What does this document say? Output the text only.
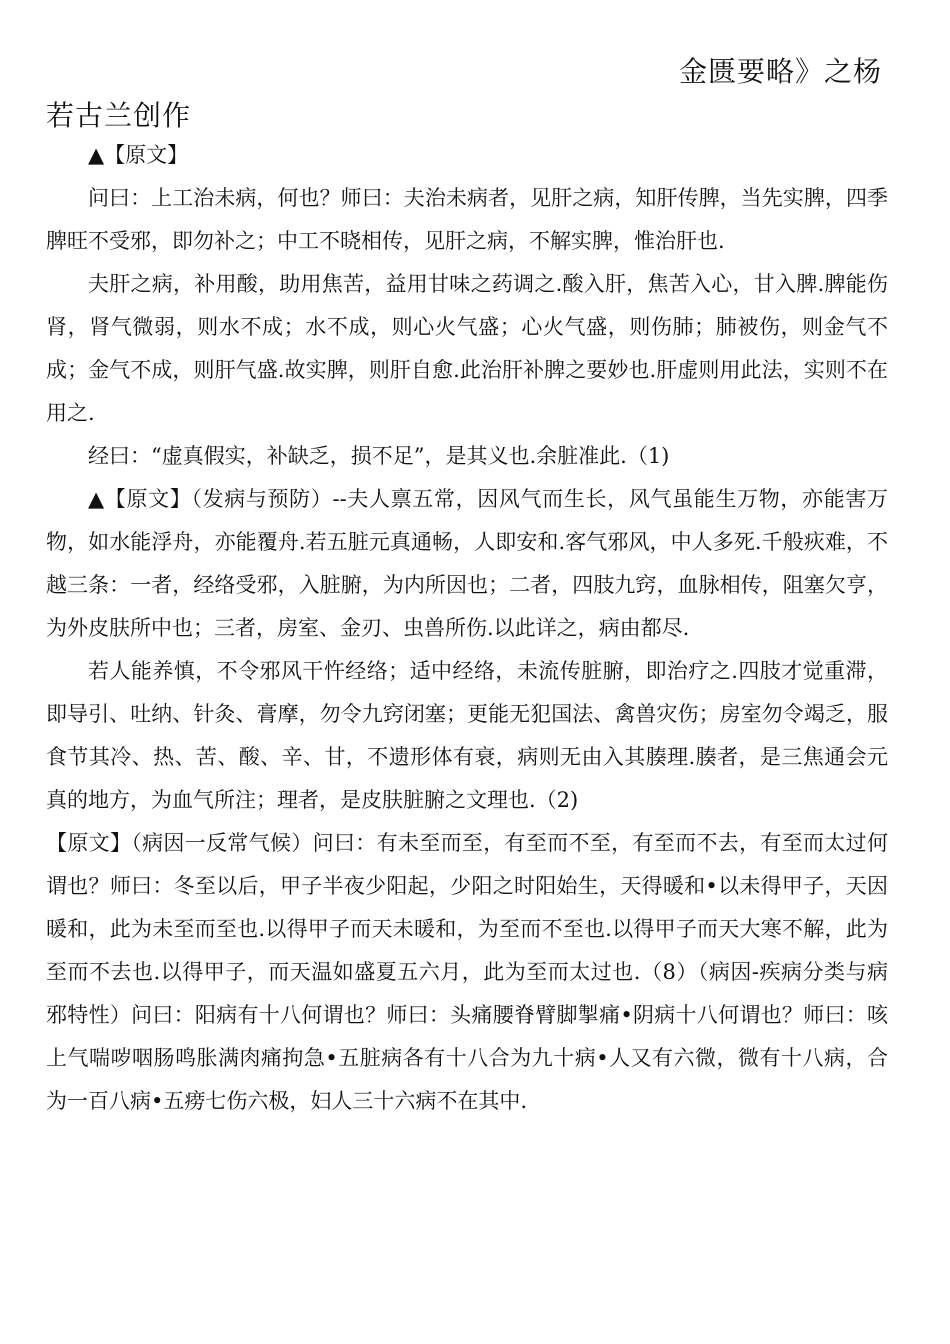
金匮要略》之杨
若古兰创作

▲【原文】

问曰：上工治未病，何也？师曰：夫治未病者，见肝之病，知肝传脾，当先实脾，四季脾旺不受邪，即勿补之；中工不晓相传，见肝之病，不解实脾，惟治肝也.

夫肝之病，补用酸，助用焦苦，益用甘味之药调之.酸入肝，焦苦入心，甘入脾.脾能伤肾，肾气微弱，则水不成；水不成，则心火气盛；心火气盛，则伤肺；肺被伤，则金气不成；金气不成，则肝气盛.故实脾，则肝自愈.此治肝补脾之要妙也.肝虚则用此法，实则不在用之.

经曰：“虚真假实，补缺乏，损不足”，是其义也.余脏准此.（1)

▲【原文】（发病与预防）--夫人禀五常，因风气而生长，风气虽能生万物，亦能害万物，如水能浮舟，亦能覆舟.若五脏元真通畅，人即安和.客气邪风，中人多死.千般疢难，不越三条：一者，经络受邪，入脏腑，为内所因也；二者，四肢九窍，血脉相传，阻塞欠亨，为外皮肤所中也；三者，房室、金刃、虫兽所伤.以此详之，病由都尽.

若人能养慎，不令邪风干忤经络；适中经络，未流传脏腑，即治疗之.四肢才觉重滞，即导引、吐纳、针灸、膏摩，勿令九窍闭塞；更能无犯国法、禽兽灾伤；房室勿令竭乏，服食节其冷、热、苦、酸、辛、甘，不遗形体有衰，病则无由入其腠理.腠者，是三焦通会元真的地方，为血气所注；理者，是皮肤脏腑之文理也.（2)

【原文】（病因一反常气候）问曰：有未至而至，有至而不至，有至而不去，有至而太过何谓也？师曰：冬至以后，甲子半夜少阳起，少阳之时阳始生，天得暖和•以未得甲子，天因暖和，此为未至而至也.以得甲子而天未暖和，为至而不至也.以得甲子而天大寒不解，此为至而不去也.以得甲子，而天温如盛夏五六月，此为至而太过也.（8）（病因-疾病分类与病邪特性）问曰：阳病有十八何谓也？师曰：头痛腰脊臂脚掣痛•阴病十八何谓也？师曰：咳上气喘哕咽肠鸣胀满肉痛拘急•五脏病各有十八合为九十病•人又有六微，微有十八病，合为一百八病•五痨七伤六极，妇人三十六病不在其中.
